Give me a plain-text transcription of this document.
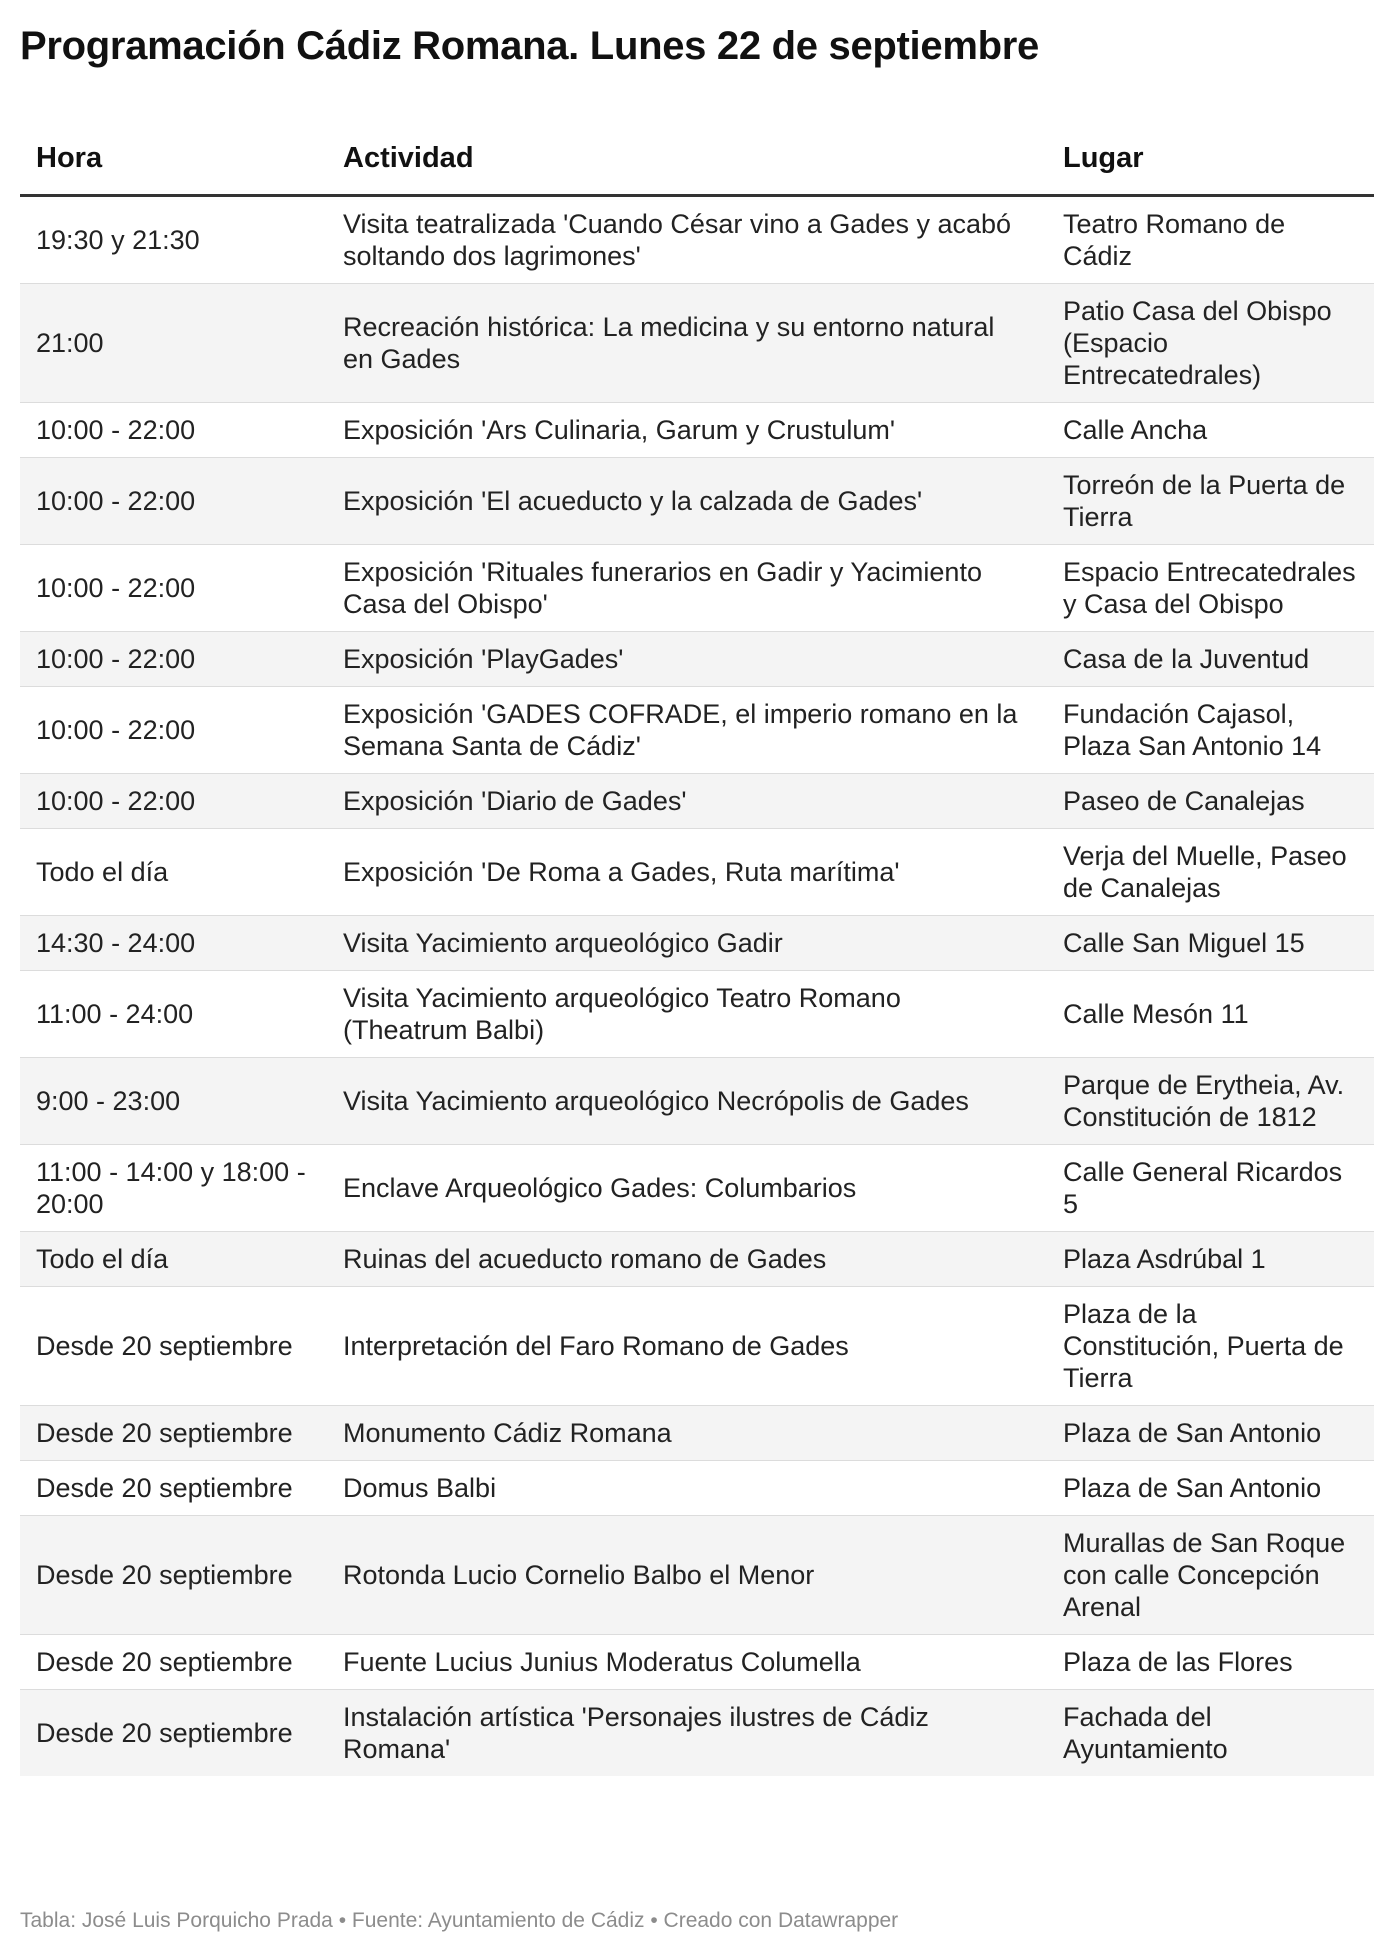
Programación Cádiz Romana. Lunes 22 de septiembre
Hora	Actividad	Lugar
19:30 y 21:30	Visita teatralizada 'Cuando César vino a Gades y acabó soltando dos lagrimones'	Teatro Romano de Cádiz
21:00	Recreación histórica: La medicina y su entorno natural en Gades	Patio Casa del Obispo (Espacio Entrecatedrales)
10:00 - 22:00	Exposición 'Ars Culinaria, Garum y Crustulum'	Calle Ancha
10:00 - 22:00	Exposición 'El acueducto y la calzada de Gades'	Torreón de la Puerta de Tierra
10:00 - 22:00	Exposición 'Rituales funerarios en Gadir y Yacimiento Casa del Obispo'	Espacio Entrecatedrales y Casa del Obispo
10:00 - 22:00	Exposición 'PlayGades'	Casa de la Juventud
10:00 - 22:00	Exposición 'GADES COFRADE, el imperio romano en la Semana Santa de Cádiz'	Fundación Cajasol, Plaza San Antonio 14
10:00 - 22:00	Exposición 'Diario de Gades'	Paseo de Canalejas
Todo el día	Exposición 'De Roma a Gades, Ruta marítima'	Verja del Muelle, Paseo de Canalejas
14:30 - 24:00	Visita Yacimiento arqueológico Gadir	Calle San Miguel 15
11:00 - 24:00	Visita Yacimiento arqueológico Teatro Romano (Theatrum Balbi)	Calle Mesón 11
9:00 - 23:00	Visita Yacimiento arqueológico Necrópolis de Gades	Parque de Erytheia, Av. Constitución de 1812
11:00 - 14:00 y 18:00 - 20:00	Enclave Arqueológico Gades: Columbarios	Calle General Ricardos 5
Todo el día	Ruinas del acueducto romano de Gades	Plaza Asdrúbal 1
Desde 20 septiembre	Interpretación del Faro Romano de Gades	Plaza de la Constitución, Puerta de Tierra
Desde 20 septiembre	Monumento Cádiz Romana	Plaza de San Antonio
Desde 20 septiembre	Domus Balbi	Plaza de San Antonio
Desde 20 septiembre	Rotonda Lucio Cornelio Balbo el Menor	Murallas de San Roque con calle Concepción Arenal
Desde 20 septiembre	Fuente Lucius Junius Moderatus Columella	Plaza de las Flores
Desde 20 septiembre	Instalación artística 'Personajes ilustres de Cádiz Romana'	Fachada del Ayuntamiento
Tabla: José Luis Porquicho Prada • Fuente: Ayuntamiento de Cádiz • Creado con Datawrapper
